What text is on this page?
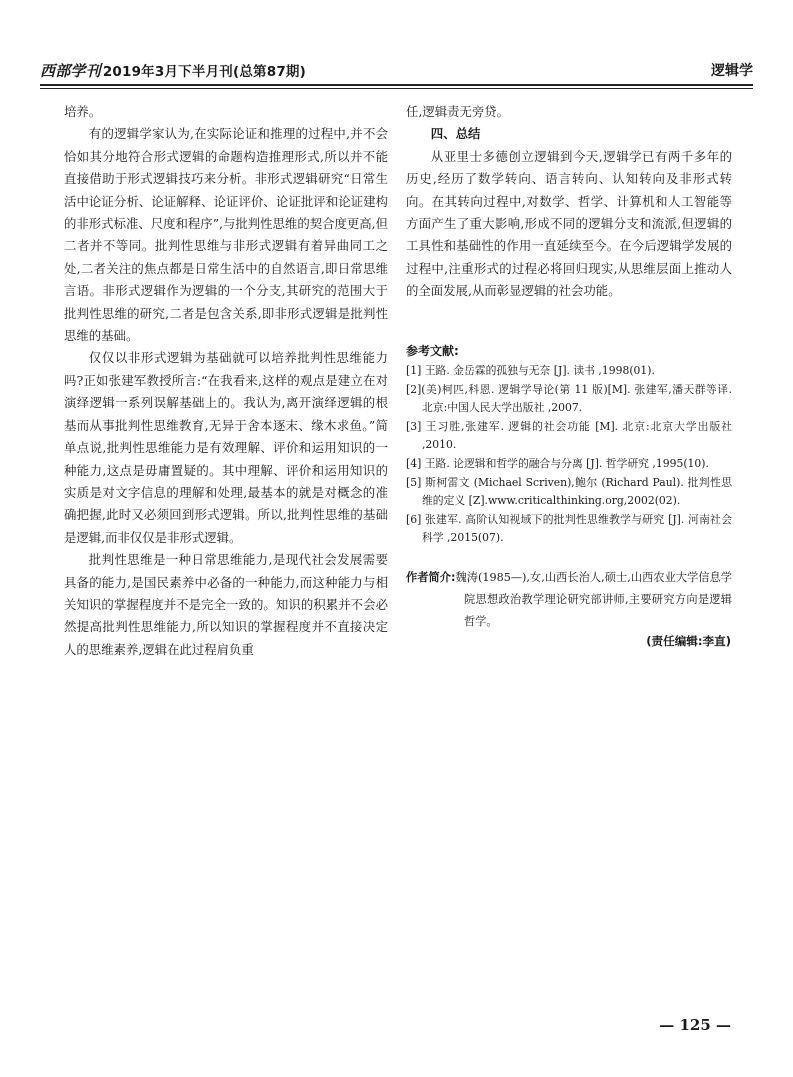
西部学刊 2019年3月下半月刊(总第87期)	逻辑学

培养。

有的逻辑学家认为,在实际论证和推理的过程中,并不会恰如其分地符合形式逻辑的命题构造推理形式,所以并不能直接借助于形式逻辑技巧来分析。非形式逻辑研究“日常生活中论证分析、论证解释、论证评价、论证批评和论证建构的非形式标准、尺度和程序”,与批判性思维的契合度更高,但二者并不等同。批判性思维与非形式逻辑有着异曲同工之处,二者关注的焦点都是日常生活中的自然语言,即日常思维言语。非形式逻辑作为逻辑的一个分支,其研究的范围大于批判性思维的研究,二者是包含关系,即非形式逻辑是批判性思维的基础。

仅仅以非形式逻辑为基础就可以培养批判性思维能力吗?正如张建军教授所言:“在我看来,这样的观点是建立在对演绎逻辑一系列误解基础上的。我认为,离开演绎逻辑的根基而从事批判性思维教育,无异于舍本逐末、缘木求鱼。”简单点说,批判性思维能力是有效理解、评价和运用知识的一种能力,这点是毋庸置疑的。其中理解、评价和运用知识的实质是对文字信息的理解和处理,最基本的就是对概念的准确把握,此时又必须回到形式逻辑。所以,批判性思维的基础是逻辑,而非仅仅是非形式逻辑。

批判性思维是一种日常思维能力,是现代社会发展需要具备的能力,是国民素养中必备的一种能力,而这种能力与相关知识的掌握程度并不是完全一致的。知识的积累并不会必然提高批判性思维能力,所以知识的掌握程度并不直接决定人的思维素养,逻辑在此过程肩负重

任,逻辑责无旁贷。

四、总结

从亚里士多德创立逻辑到今天,逻辑学已有两千多年的历史,经历了数学转向、语言转向、认知转向及非形式转向。在其转向过程中,对数学、哲学、计算机和人工智能等方面产生了重大影响,形成不同的逻辑分支和流派,但逻辑的工具性和基础性的作用一直延续至今。在今后逻辑学发展的过程中,注重形式的过程必将回归现实,从思维层面上推动人的全面发展,从而彰显逻辑的社会功能。

参考文献:

[1] 王路. 金岳霖的孤独与无奈 [J]. 读书 ,1998(01).

[2](美)柯匹,科恩. 逻辑学导论(第 11 版)[M]. 张建军,潘天群等译. 北京:中国人民大学出版社 ,2007.

[3] 王习胜,张建军. 逻辑的社会功能 [M]. 北京:北京大学出版社 ,2010.

[4] 王路. 论逻辑和哲学的融合与分离 [J]. 哲学研究 ,1995(10).

[5] 斯柯雷文 (Michael Scriven),鲍尔 (Richard Paul). 批判性思维的定义 [Z].www.criticalthinking.org,2002(02).

[6] 张建军. 高阶认知视域下的批判性思维教学与研究 [J]. 河南社会科学 ,2015(07).

作者简介:魏涛(1985—),女,山西长治人,硕士,山西农业大学信息学院思想政治教学理论研究部讲师,主要研究方向是逻辑哲学。

(责任编辑:李直)
— 125 —
